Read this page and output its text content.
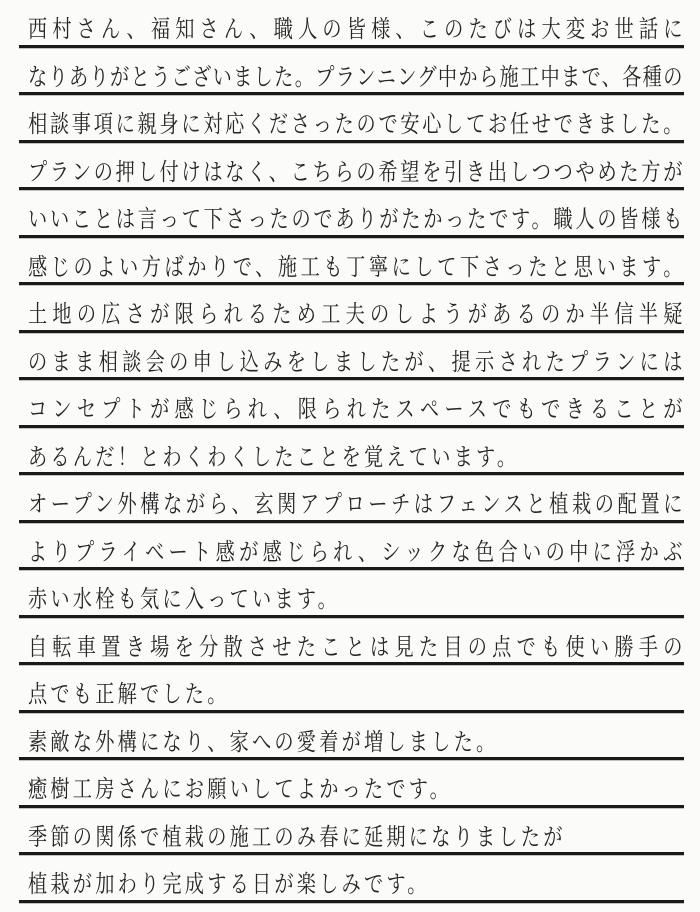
西村さん、福知さん、職人の皆様、このたびは大変お世話に
なりありがとうございました。プランニング中から施工中まで、各種の
相談事項に親身に対応くださったので安心してお任せできました。
プランの押し付けはなく、こちらの希望を引き出しつつやめた方が
いいことは言って下さったのでありがたかったです。職人の皆様も
感じのよい方ばかりで、施工も丁寧にして下さったと思います。
土地の広さが限られるため工夫のしようがあるのか半信半疑
のまま相談会の申し込みをしましたが、提示されたプランには
コンセプトが感じられ、限られたスペースでもできることが
あるんだ！とわくわくしたことを覚えています。
オープン外構ながら、玄関アプローチはフェンスと植栽の配置に
よりプライベート感が感じられ、シックな色合いの中に浮かぶ
赤い水栓も気に入っています。
自転車置き場を分散させたことは見た目の点でも使い勝手の
点でも正解でした。
素敵な外構になり、家への愛着が増しました。
癒樹工房さんにお願いしてよかったです。
季節の関係で植栽の施工のみ春に延期になりましたが
植栽が加わり完成する日が楽しみです。
